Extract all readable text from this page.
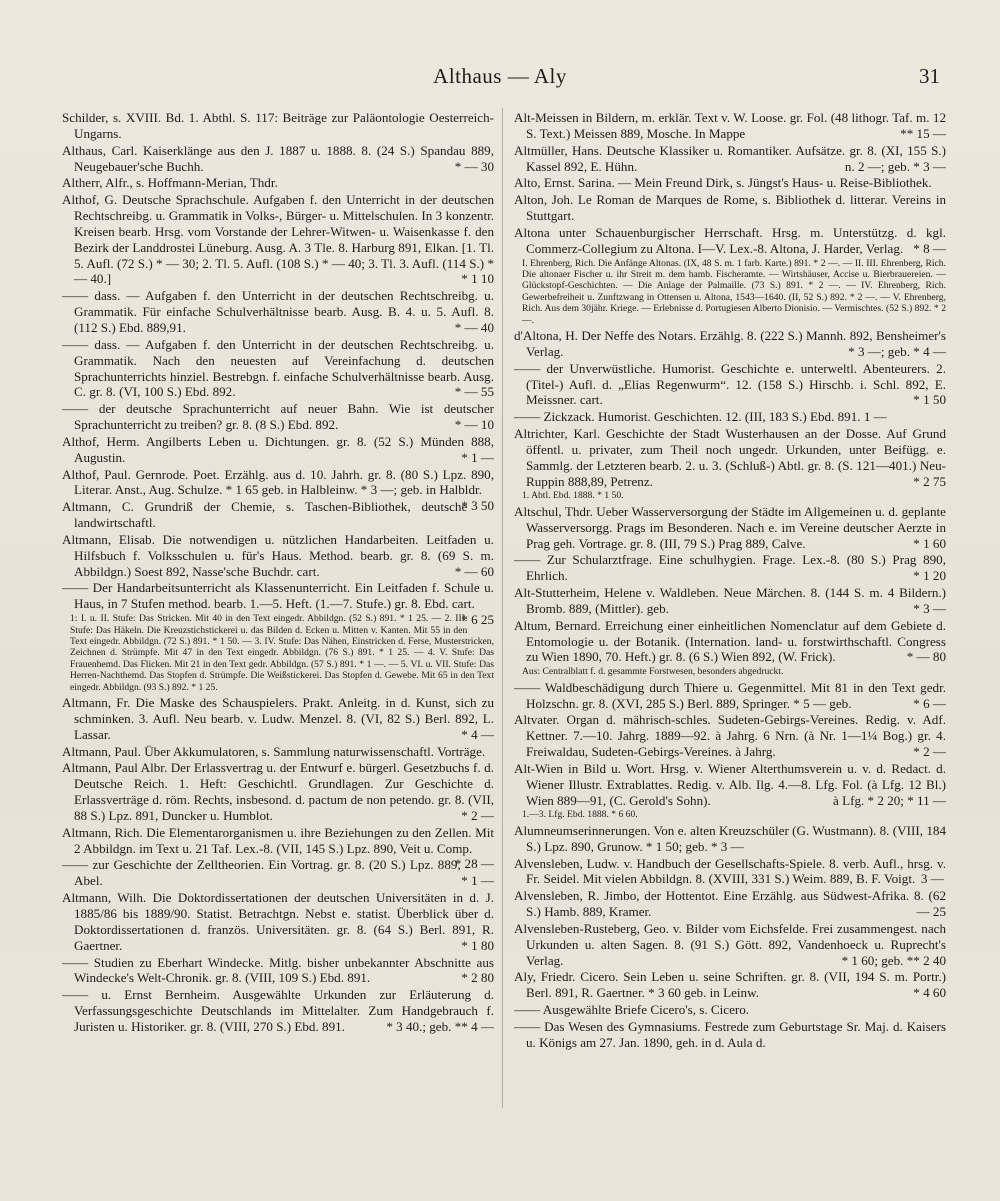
Althaus — Aly	31

Schilder, s. XVIII. Bd. 1. Abthl. S. 117: Beiträge zur Paläontologie Oesterreich-Ungarns.

Althaus, Carl. Kaiserklänge aus den J. 1887 u. 1888. 8. (24 S.) Spandau 889, Neugebauer'sche Buchh.	* — 30

Altherr, Alfr., s. Hoffmann-Merian, Thdr.

Althof, G. Deutsche Sprachschule. Aufgaben f. den Unterricht in der deutschen Rechtschreibg. u. Grammatik in Volks-, Bürger- u. Mittelschulen. In 3 konzentr. Kreisen bearb. Hrsg. vom Vorstande der Lehrer-Witwen- u. Waisenkasse f. den Bezirk der Landdrostei Lüneburg. Ausg. A. 3 Tle. 8. Harburg 891, Elkan. [1. Tl. 5. Aufl. (72 S.) * — 30; 2. Tl. 5. Aufl. (108 S.) * — 40; 3. Tl. 3. Aufl. (114 S.) * — 40.]	* 1 10

—— dass. — Aufgaben f. den Unterricht in der deutschen Rechtschreibg. u. Grammatik. Für einfache Schulverhältnisse bearb. Ausg. B. 4. u. 5. Aufl. 8. (112 S.) Ebd. 889,91.	* — 40

—— dass. — Aufgaben f. den Unterricht in der deutschen Rechtschreibg. u. Grammatik. Nach den neuesten auf Vereinfachung d. deutschen Sprachunterrichts hinziel. Bestrebgn. f. einfache Schulverhältnisse bearb. Ausg. C. gr. 8. (VI, 100 S.) Ebd. 892.	* — 55

—— der deutsche Sprachunterricht auf neuer Bahn. Wie ist deutscher Sprachunterricht zu treiben? gr. 8. (8 S.) Ebd. 892.	* — 10

Althof, Herm. Angilberts Leben u. Dichtungen. gr. 8. (52 S.) Münden 888, Augustin.	* 1 —

Althof, Paul. Gernrode. Poet. Erzählg. aus d. 10. Jahrh. gr. 8. (80 S.) Lpz. 890, Literar. Anst., Aug. Schulze. * 1 65 geb. in Halbleinw. * 3 —; geb. in Halbldr.
* 3 50

Altmann, C. Grundriß der Chemie, s. Taschen-Bibliothek, deutsche landwirtschaftl.

Altmann, Elisab. Die notwendigen u. nützlichen Handarbeiten. Leitfaden u. Hilfsbuch f. Volksschulen u. für's Haus. Method. bearb. gr. 8. (69 S. m. Abbildgn.) Soest 892, Nasse'sche Buchdr. cart.	* — 60

—— Der Handarbeitsunterricht als Klassenunterricht. Ein Leitfaden f. Schule u. Haus, in 7 Stufen method. bearb. 1.—5. Heft. (1.—7. Stufe.) gr. 8. Ebd. cart.
* 6 25

1: I. u. II. Stufe: Das Stricken. Mit 40 in den Text eingedr. Abbildgn. (52 S.) 891. * 1 25. — 2. III. Stufe: Das Häkeln. Die Kreuzstichstickerei u. das Bilden d. Ecken u. Mitten v. Kanten. Mit 55 in den Text eingedr. Abbildgn. (72 S.) 891. * 1 50. — 3. IV. Stufe: Das Nähen, Einstricken d. Ferse, Musterstricken, Zeichnen d. Strümpfe. Mit 47 in den Text eingedr. Abbildgn. (76 S.) 891. * 1 25. — 4. V. Stufe: Das Frauenhemd. Das Flicken. Mit 21 in den Text gedr. Abbildgn. (57 S.) 891. * 1 —. — 5. VI. u. VII. Stufe: Das Herren-Nachthemd. Das Stopfen d. Strümpfe. Die Weißstickerei. Das Stopfen d. Gewebe. Mit 65 in den Text eingedr. Abbildgn. (93 S.) 892. * 1 25.

Altmann, Fr. Die Maske des Schauspielers. Prakt. Anleitg. in d. Kunst, sich zu schminken. 3. Aufl. Neu bearb. v. Ludw. Menzel. 8. (VI, 82 S.) Berl. 892, L. Lassar.	* 4 —

Altmann, Paul. Über Akkumulatoren, s. Sammlung naturwissenschaftl. Vorträge.

Altmann, Paul Albr. Der Erlassvertrag u. der Entwurf e. bürgerl. Gesetzbuchs f. d. Deutsche Reich. 1. Heft: Geschichtl. Grundlagen. Zur Geschichte d. Erlassverträge d. röm. Rechts, insbesond. d. pactum de non petendo. gr. 8. (VII, 88 S.) Lpz. 891, Duncker u. Humblot.	* 2 —

Altmann, Rich. Die Elementarorganismen u. ihre Beziehungen zu den Zellen. Mit 2 Abbildgn. im Text u. 21 Taf. Lex.-8. (VII, 145 S.) Lpz. 890, Veit u. Comp.
* 28 —

—— zur Geschichte der Zelltheorien. Ein Vortrag. gr. 8. (20 S.) Lpz. 889, Abel.	* 1 —

Altmann, Wilh. Die Doktordissertationen der deutschen Universitäten in d. J. 1885/86 bis 1889/90. Statist. Betrachtgn. Nebst e. statist. Überblick über d. Doktordissertationen d. französ. Universitäten. gr. 8. (64 S.) Berl. 891, R. Gaertner.	* 1 80

—— Studien zu Eberhart Windecke. Mitlg. bisher unbekannter Abschnitte aus Windecke's Welt-Chronik. gr. 8. (VIII, 109 S.) Ebd. 891.	* 2 80

—— u. Ernst Bernheim. Ausgewählte Urkunden zur Erläuterung d. Verfassungsgeschichte Deutschlands im Mittelalter. Zum Handgebrauch f. Juristen u. Historiker. gr. 8. (VIII, 270 S.) Ebd. 891.	* 3 40.; geb. ** 4 —

Alt-Meissen in Bildern, m. erklär. Text v. W. Loose. gr. Fol. (48 lithogr. Taf. m. 12 S. Text.) Meissen 889, Mosche. In Mappe	** 15 —

Altmüller, Hans. Deutsche Klassiker u. Romantiker. Aufsätze. gr. 8. (XI, 155 S.) Kassel 892, E. Hühn.	n. 2 —; geb. * 3 —

Alto, Ernst. Sarina. — Mein Freund Dirk, s. Jüngst's Haus- u. Reise-Bibliothek.

Alton, Joh. Le Roman de Marques de Rome, s. Bibliothek d. litterar. Vereins in Stuttgart.

Altona unter Schauenburgischer Herrschaft. Hrsg. m. Unterstützg. d. kgl. Commerz-Collegium zu Altona. I—V. Lex.-8. Altona, J. Harder, Verlag. * 8 —

I. Ehrenberg, Rich. Die Anfänge Altonas. (IX, 48 S. m. 1 farb. Karte.) 891. * 2 —. — II. III. Ehrenberg, Rich. Die altonaer Fischer u. ihr Streit m. dem hamb. Fischeramte. — Wirtshäuser, Accise u. Bierbrauereien. — Glückstopf-Geschichten. — Die Anlage der Palmaille. (73 S.) 891. * 2 —. — IV. Ehrenberg, Rich. Gewerbefreiheit u. Zunftzwang in Ottensen u. Altona, 1543—1640. (II, 52 S.) 892. * 2 —. — V. Ehrenberg, Rich. Aus dem 30jähr. Kriege. — Erlebnisse d. Portugiesen Alberto Dionisio. — Vermischtes. (52 S.) 892. * 2 —.

d'Altona, H. Der Neffe des Notars. Erzählg. 8. (222 S.) Mannh. 892, Bensheimer's Verlag.	* 3 —; geb. * 4 —

—— der Unverwüstliche. Humorist. Geschichte e. unterweltl. Abenteurers. 2. (Titel-) Aufl. d. „Elias Regenwurm“. 12. (158 S.) Hirschb. i. Schl. 892, E. Meissner. cart.	* 1 50

—— Zickzack. Humorist. Geschichten. 12. (III, 183 S.) Ebd. 891. 1 —

Altrichter, Karl. Geschichte der Stadt Wusterhausen an der Dosse. Auf Grund öffentl. u. privater, zum Theil noch ungedr. Urkunden, unter Beifügg. e. Sammlg. der Letzteren bearb. 2. u. 3. (Schluß-) Abtl. gr. 8. (S. 121—401.) Neu-Ruppin 888,89, Petrenz.	* 2 75

1. Abtl. Ebd. 1888. * 1 50.

Altschul, Thdr. Ueber Wasserversorgung der Städte im Allgemeinen u. d. geplante Wasserversorgg. Prags im Besonderen. Nach e. im Vereine deutscher Aerzte in Prag geh. Vortrage. gr. 8. (III, 79 S.) Prag 889, Calve.	* 1 60

—— Zur Schularztfrage. Eine schulhygien. Frage. Lex.-8. (80 S.) Prag 890, Ehrlich.	* 1 20

Alt-Stutterheim, Helene v. Waldleben. Neue Märchen. 8. (144 S. m. 4 Bildern.) Bromb. 889, (Mittler). geb.	* 3 —

Altum, Bernard. Erreichung einer einheitlichen Nomenclatur auf dem Gebiete d. Entomologie u. der Botanik. (Internation. land- u. forstwirthschaftl. Congress zu Wien 1890, 70. Heft.) gr. 8. (6 S.) Wien 892, (W. Frick).	* — 80

Aus: Centralblatt f. d. gesammte Forstwesen, besonders abgedruckt.

—— Waldbeschädigung durch Thiere u. Gegenmittel. Mit 81 in den Text gedr. Holzschn. gr. 8. (XVI, 285 S.) Berl. 889, Springer. * 5 — geb.	* 6 —

Altvater. Organ d. mährisch-schles. Sudeten-Gebirgs-Vereines. Redig. v. Adf. Kettner. 7.—10. Jahrg. 1889—92. à Jahrg. 6 Nrn. (à Nr. 1—1¼ Bog.) gr. 4. Freiwaldau, Sudeten-Gebirgs-Vereines. à Jahrg.	* 2 —

Alt-Wien in Bild u. Wort. Hrsg. v. Wiener Alterthumsverein u. v. d. Redact. d. Wiener Illustr. Extrablattes. Redig. v. Alb. Ilg. 4.—8. Lfg. Fol. (à Lfg. 12 Bl.) Wien 889—91, (C. Gerold's Sohn).	à Lfg. * 2 20; * 11 —

1.—3. Lfg. Ebd. 1888. * 6 60.

Alumneumserinnerungen. Von e. alten Kreuzschüler (G. Wustmann). 8. (VIII, 184 S.) Lpz. 890, Grunow. * 1 50; geb. * 3 —

Alvensleben, Ludw. v. Handbuch der Gesellschafts-Spiele. 8. verb. Aufl., hrsg. v. Fr. Seidel. Mit vielen Abbildgn. 8. (XVIII, 331 S.) Weim. 889, B. F. Voigt. 3 —

Alvensleben, R. Jimbo, der Hottentot. Eine Erzählg. aus Südwest-Afrika. 8. (62 S.) Hamb. 889, Kramer.	— 25

Alvensleben-Rusteberg, Geo. v. Bilder vom Eichsfelde. Frei zusammengest. nach Urkunden u. alten Sagen. 8. (91 S.) Gött. 892, Vandenhoeck u. Ruprecht's Verlag.	* 1 60; geb. ** 2 40

Aly, Friedr. Cicero. Sein Leben u. seine Schriften. gr. 8. (VII, 194 S. m. Portr.) Berl. 891, R. Gaertner. * 3 60 geb. in Leinw.	* 4 60

—— Ausgewählte Briefe Cicero's, s. Cicero.

—— Das Wesen des Gymnasiums. Festrede zum Geburtstage Sr. Maj. d. Kaisers u. Königs am 27. Jan. 1890, geh. in d. Aula d.
